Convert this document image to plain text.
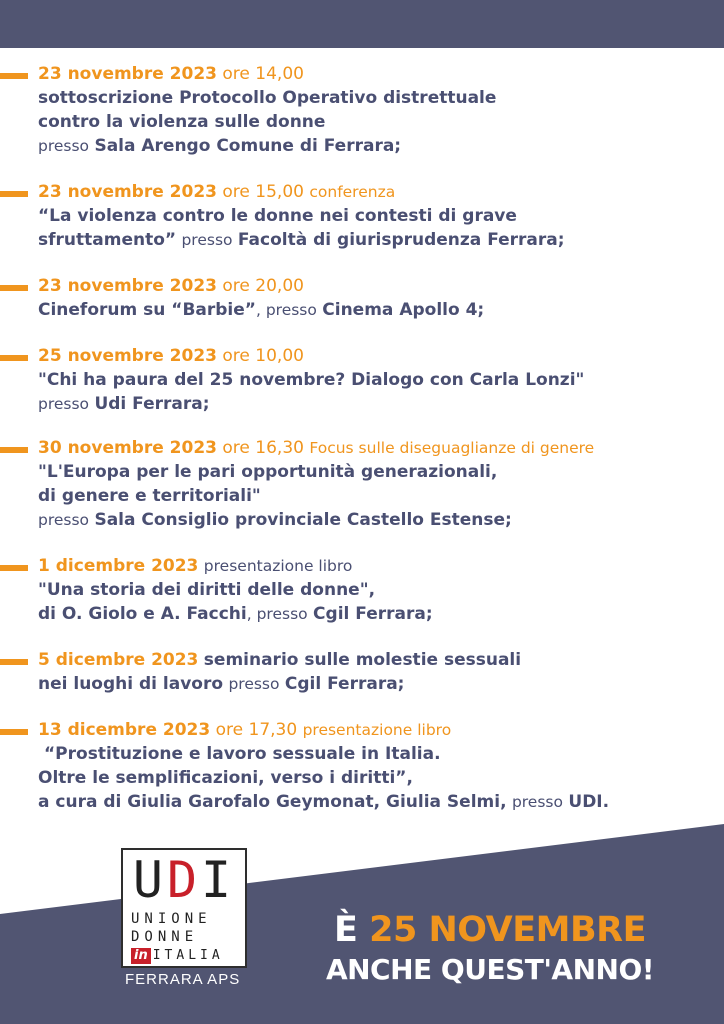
23 novembre 2023 ore 14,00
sottoscrizione Protocollo Operativo distrettuale
contro la violenza sulle donne
presso Sala Arengo Comune di Ferrara;
23 novembre 2023 ore 15,00 conferenza
“La violenza contro le donne nei contesti di grave
sfruttamento” presso Facoltà di giurisprudenza Ferrara;
23 novembre 2023 ore 20,00
Cineforum su “Barbie”, presso Cinema Apollo 4;
25 novembre 2023 ore 10,00
"Chi ha paura del 25 novembre? Dialogo con Carla Lonzi"
presso Udi Ferrara;
30 novembre 2023 ore 16,30 Focus sulle diseguaglianze di genere
"L'Europa per le pari opportunità generazionali,
di genere e territoriali"
presso Sala Consiglio provinciale Castello Estense;
1 dicembre 2023 presentazione libro
"Una storia dei diritti delle donne",
di O. Giolo e A. Facchi, presso Cgil Ferrara;
5 dicembre 2023 seminario sulle molestie sessuali
nei luoghi di lavoro presso Cgil Ferrara;
13 dicembre 2023 ore 17,30 presentazione libro
“Prostituzione e lavoro sessuale in Italia.
Oltre le semplificazioni, verso i diritti”,
a cura di Giulia Garofalo Geymonat, Giulia Selmi, presso UDI.
UDI
UNIONE
DONNE
in ITALIA
FERRARA APS
È 25 NOVEMBRE
ANCHE QUEST'ANNO!
